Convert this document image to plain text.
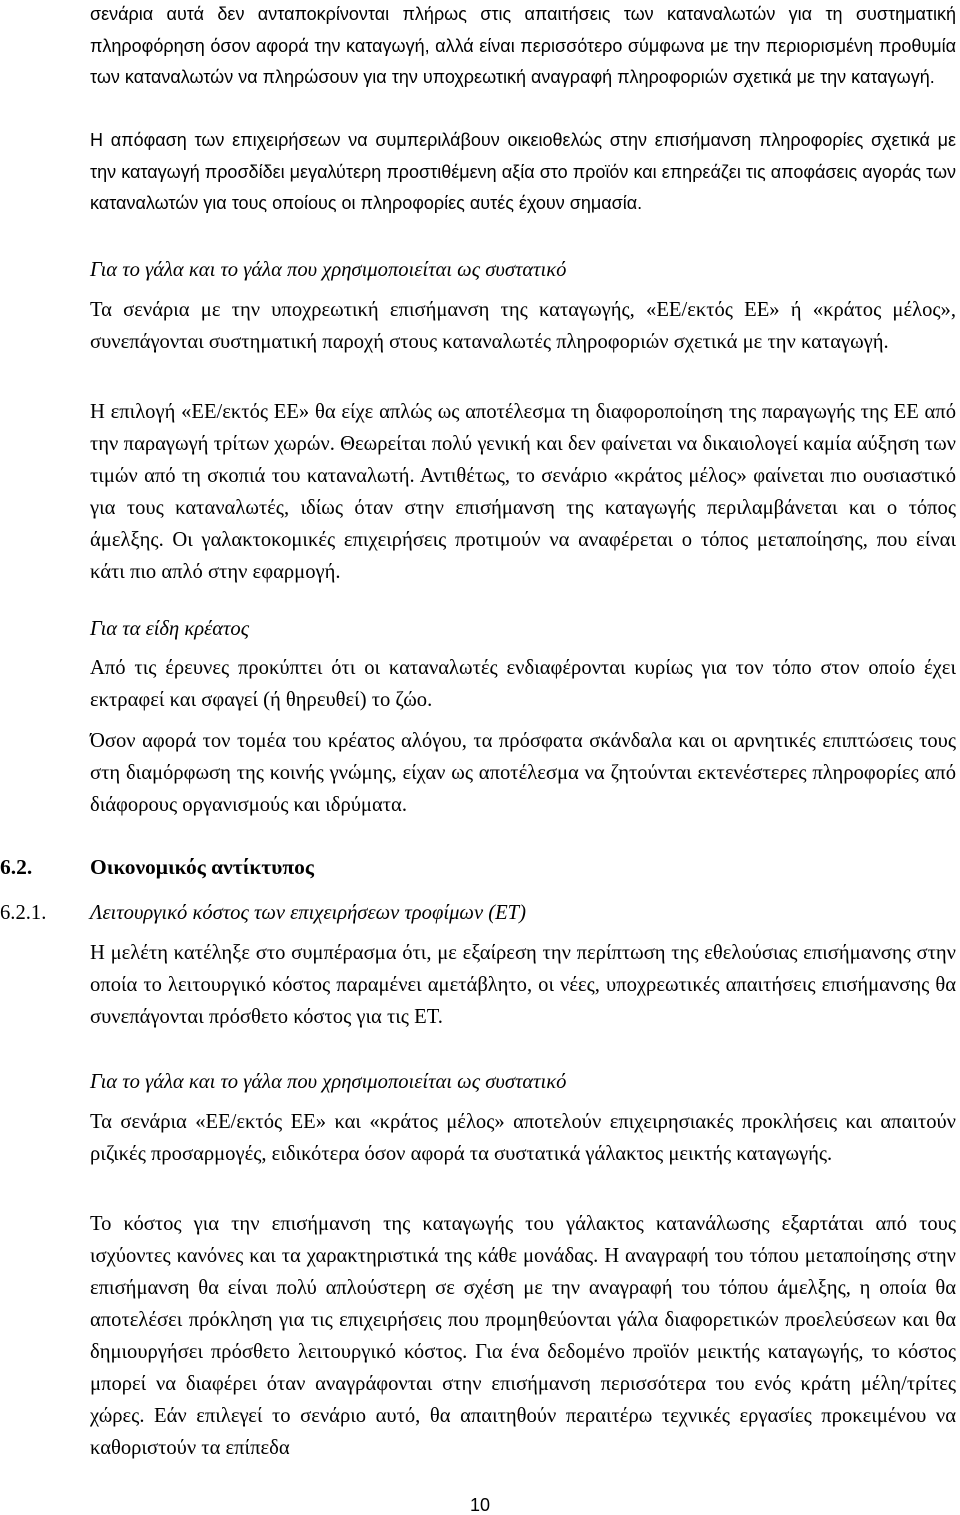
σενάρια αυτά δεν ανταποκρίνονται πλήρως στις απαιτήσεις των καταναλωτών για τη συστηματική πληροφόρηση όσον αφορά την καταγωγή, αλλά είναι περισσότερο σύμφωνα με την περιορισμένη προθυμία των καταναλωτών να πληρώσουν για την υποχρεωτική αναγραφή πληροφοριών σχετικά με την καταγωγή.

Η απόφαση των επιχειρήσεων να συμπεριλάβουν οικειοθελώς στην επισήμανση πληροφορίες σχετικά με την καταγωγή προσδίδει μεγαλύτερη προστιθέμενη αξία στο προϊόν και επηρεάζει τις αποφάσεις αγοράς των καταναλωτών για τους οποίους οι πληροφορίες αυτές έχουν σημασία.

Για το γάλα και το γάλα που χρησιμοποιείται ως συστατικό

Τα σενάρια με την υποχρεωτική επισήμανση της καταγωγής, «ΕΕ/εκτός ΕΕ» ή «κράτος μέλος», συνεπάγονται συστηματική παροχή στους καταναλωτές πληροφοριών σχετικά με την καταγωγή.

Η επιλογή «ΕΕ/εκτός ΕΕ» θα είχε απλώς ως αποτέλεσμα τη διαφοροποίηση της παραγωγής της ΕΕ από την παραγωγή τρίτων χωρών. Θεωρείται πολύ γενική και δεν φαίνεται να δικαιολογεί καμία αύξηση των τιμών από τη σκοπιά του καταναλωτή. Αντιθέτως, το σενάριο «κράτος μέλος» φαίνεται πιο ουσιαστικό για τους καταναλωτές, ιδίως όταν στην επισήμανση της καταγωγής περιλαμβάνεται και ο τόπος άμελξης. Οι γαλακτοκομικές επιχειρήσεις προτιμούν να αναφέρεται ο τόπος μεταποίησης, που είναι κάτι πιο απλό στην εφαρμογή.

Για τα είδη κρέατος

Από τις έρευνες προκύπτει ότι οι καταναλωτές ενδιαφέρονται κυρίως για τον τόπο στον οποίο έχει εκτραφεί και σφαγεί (ή θηρευθεί) το ζώο.

Όσον αφορά τον τομέα του κρέατος αλόγου, τα πρόσφατα σκάνδαλα και οι αρνητικές επιπτώσεις τους στη διαμόρφωση της κοινής γνώμης, είχαν ως αποτέλεσμα να ζητούνται εκτενέστερες πληροφορίες από διάφορους οργανισμούς και ιδρύματα.

6.2.	Οικονομικός αντίκτυπος
6.2.1. Λειτουργικό κόστος των επιχειρήσεων τροφίμων (ΕΤ)

Η μελέτη κατέληξε στο συμπέρασμα ότι, με εξαίρεση την περίπτωση της εθελούσιας επισήμανσης στην οποία το λειτουργικό κόστος παραμένει αμετάβλητο, οι νέες, υποχρεωτικές απαιτήσεις επισήμανσης θα συνεπάγονται πρόσθετο κόστος για τις ΕΤ.

Για το γάλα και το γάλα που χρησιμοποιείται ως συστατικό

Τα σενάρια «ΕΕ/εκτός ΕΕ» και «κράτος μέλος» αποτελούν επιχειρησιακές προκλήσεις και απαιτούν ριζικές προσαρμογές, ειδικότερα όσον αφορά τα συστατικά γάλακτος μεικτής καταγωγής.

Το κόστος για την επισήμανση της καταγωγής του γάλακτος κατανάλωσης εξαρτάται από τους ισχύοντες κανόνες και τα χαρακτηριστικά της κάθε μονάδας. Η αναγραφή του τόπου μεταποίησης στην επισήμανση θα είναι πολύ απλούστερη σε σχέση με την αναγραφή του τόπου άμελξης, η οποία θα αποτελέσει πρόκληση για τις επιχειρήσεις που προμηθεύονται γάλα διαφορετικών προελεύσεων και θα δημιουργήσει πρόσθετο λειτουργικό κόστος. Για ένα δεδομένο προϊόν μεικτής καταγωγής, το κόστος μπορεί να διαφέρει όταν αναγράφονται στην επισήμανση περισσότερα του ενός κράτη μέλη/τρίτες χώρες. Εάν επιλεγεί το σενάριο αυτό, θα απαιτηθούν περαιτέρω τεχνικές εργασίες προκειμένου να καθοριστούν τα επίπεδα

10
